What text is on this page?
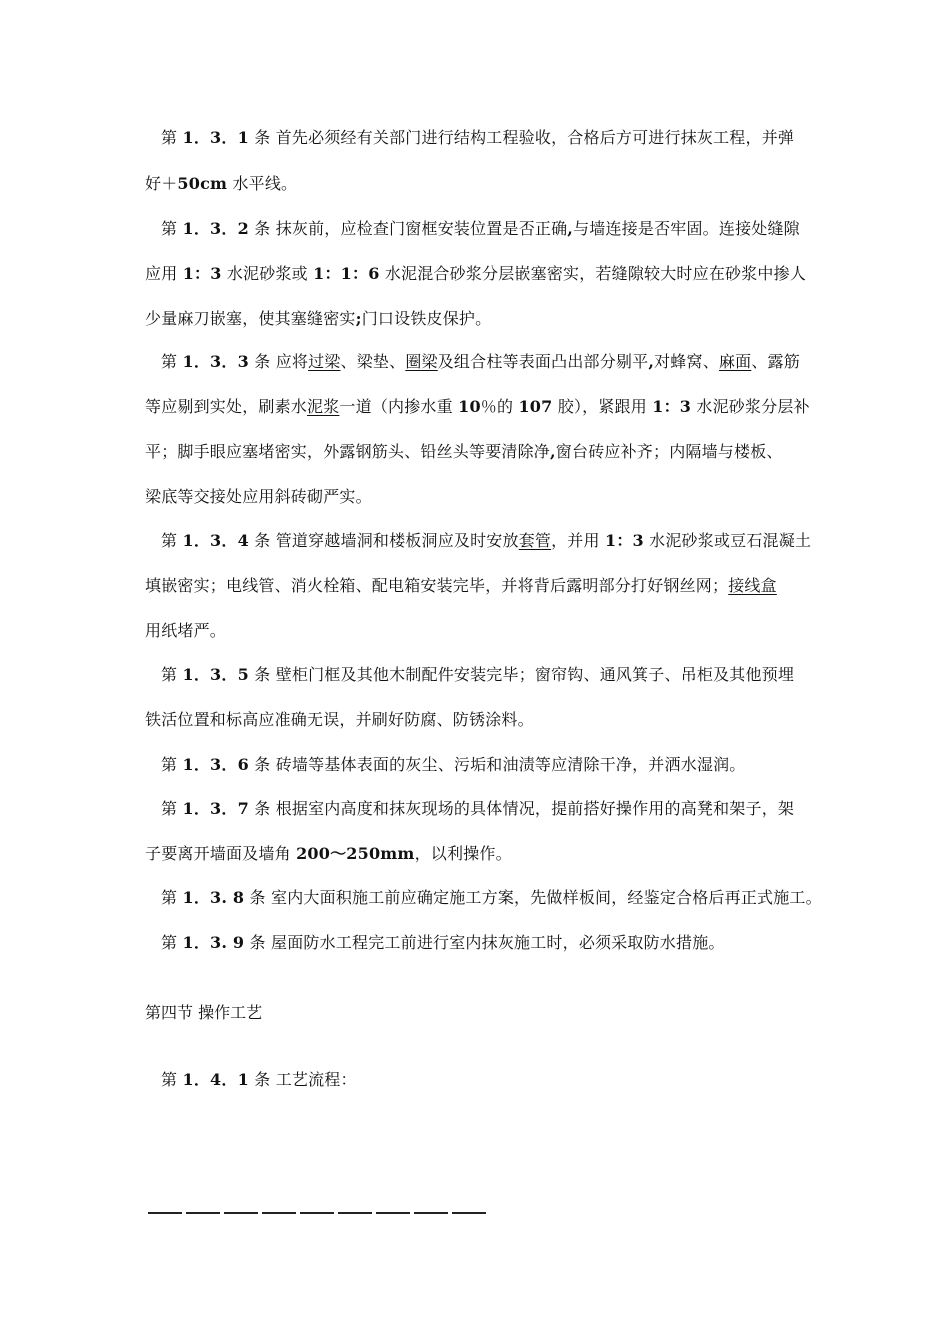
第 1．3．1 条 首先必须经有关部门进行结构工程验收，合格后方可进行抹灰工程，并弹
好＋50cm 水平线。
第 1．3．2 条 抹灰前，应检查门窗框安装位置是否正确,与墙连接是否牢固。连接处缝隙
应用 1：3 水泥砂浆或 1：1：6 水泥混合砂浆分层嵌塞密实，若缝隙较大时应在砂浆中掺人
少量麻刀嵌塞，使其塞缝密实;门口设铁皮保护。
第 1．3．3 条 应将过梁、梁垫、圈梁及组合柱等表面凸出部分剔平,对蜂窝、麻面、露筋
等应剔到实处，刷素水泥浆一道（内掺水重 10％的 107 胶），紧跟用 1：3 水泥砂浆分层补
平；脚手眼应塞堵密实，外露钢筋头、铅丝头等要清除净,窗台砖应补齐；内隔墙与楼板、
梁底等交接处应用斜砖砌严实。
第 1．3．4 条 管道穿越墙洞和楼板洞应及时安放套管，并用 1：3 水泥砂浆或豆石混凝土
填嵌密实；电线管、消火栓箱、配电箱安装完毕，并将背后露明部分打好钢丝网；接线盒
用纸堵严。
第 1．3．5 条 壁柜门框及其他木制配件安装完毕；窗帘钩、通风箕子、吊柜及其他预埋
铁活位置和标高应准确无误，并刷好防腐、防锈涂料。
第 1．3．6 条 砖墙等基体表面的灰尘、污垢和油渍等应清除干净，并洒水湿润。
第 1．3．7 条 根据室内高度和抹灰现场的具体情况，提前搭好操作用的高凳和架子，架
子要离开墙面及墙角 200～250mm，以利操作。
第 1．3. 8 条 室内大面积施工前应确定施工方案，先做样板间，经鉴定合格后再正式施工。
第 1．3. 9 条 屋面防水工程完工前进行室内抹灰施工时，必须采取防水措施。
第四节 操作工艺
第 1．4．1 条 工艺流程：
